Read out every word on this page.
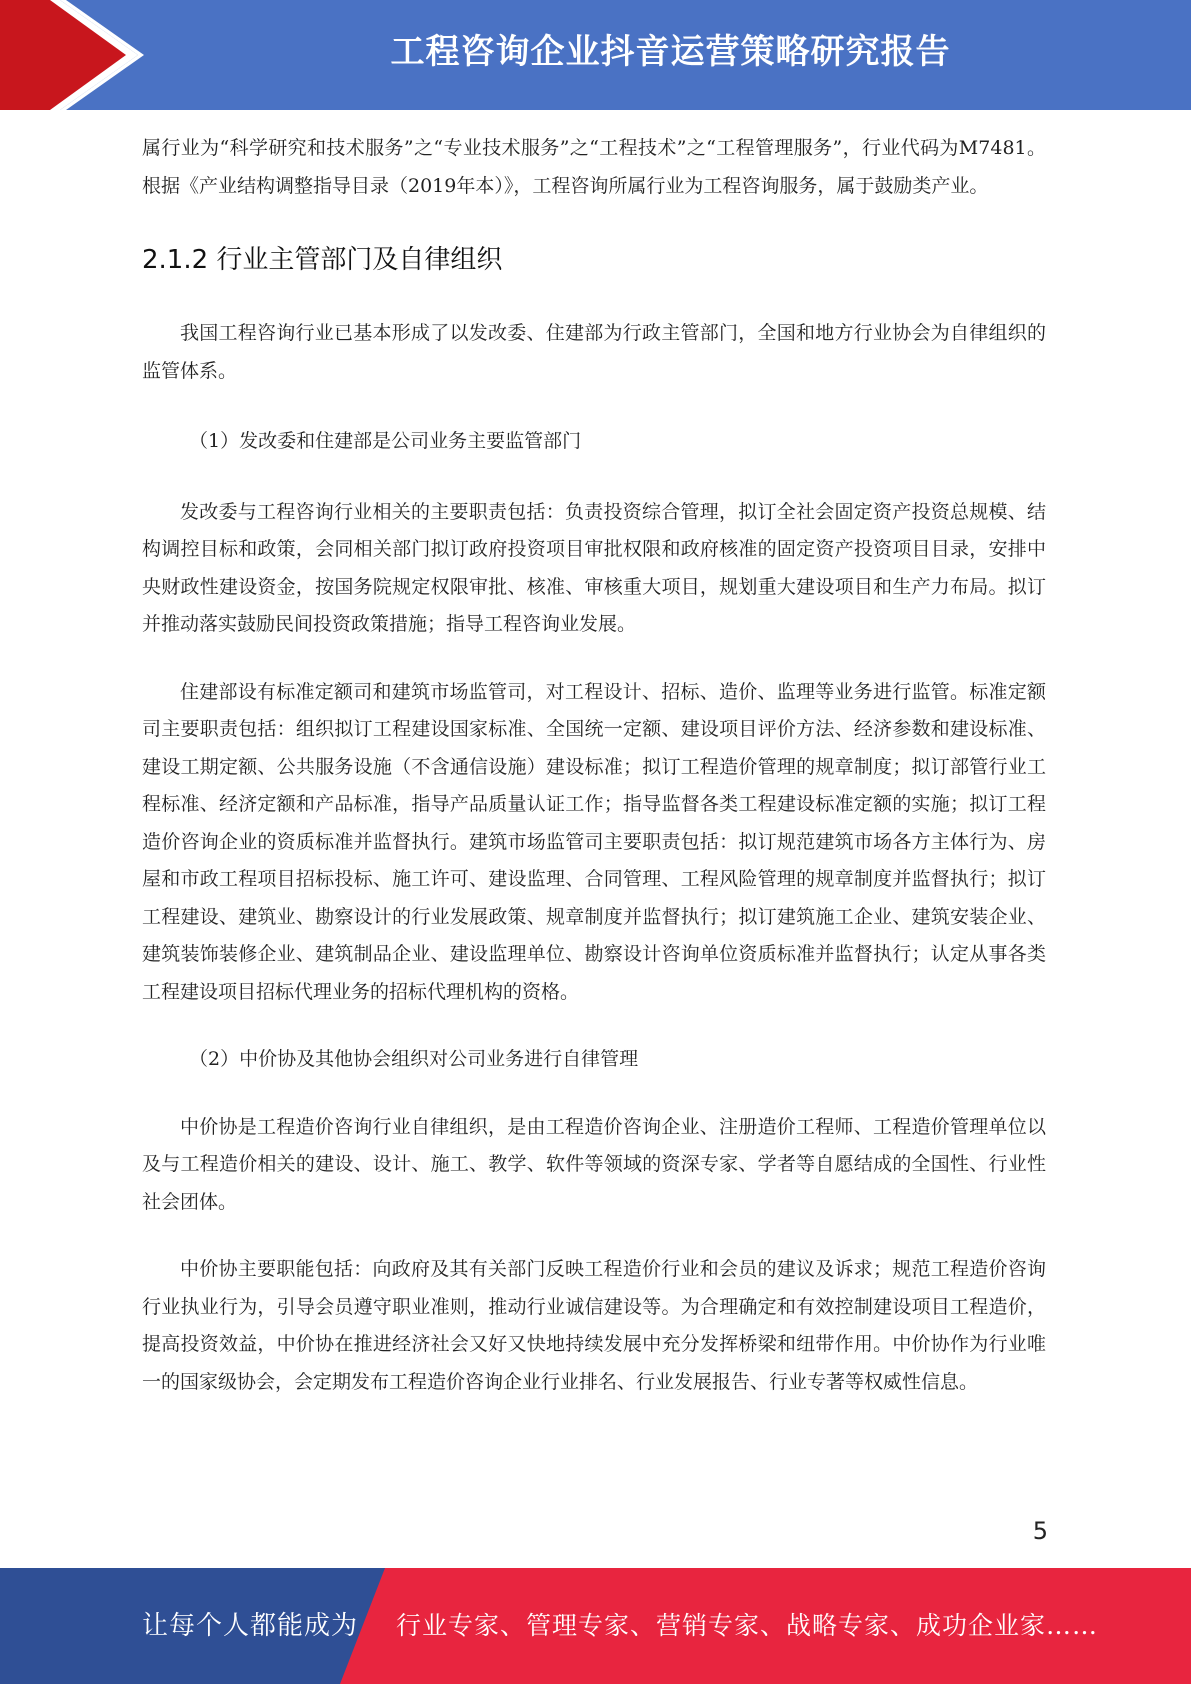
工程咨询企业抖音运营策略研究报告

属行业为“科学研究和技术服务”之“专业技术服务”之“工程技术”之“工程管理服务”，行业代码为M7481。根据《产业结构调整指导目录（2019年本）》，工程咨询所属行业为工程咨询服务，属于鼓励类产业。

2.1.2 行业主管部门及自律组织

我国工程咨询行业已基本形成了以发改委、住建部为行政主管部门，全国和地方行业协会为自律组织的监管体系。

（1）发改委和住建部是公司业务主要监管部门

发改委与工程咨询行业相关的主要职责包括：负责投资综合管理，拟订全社会固定资产投资总规模、结构调控目标和政策，会同相关部门拟订政府投资项目审批权限和政府核准的固定资产投资项目目录，安排中央财政性建设资金，按国务院规定权限审批、核准、审核重大项目，规划重大建设项目和生产力布局。拟订并推动落实鼓励民间投资政策措施；指导工程咨询业发展。

住建部设有标准定额司和建筑市场监管司，对工程设计、招标、造价、监理等业务进行监管。标准定额司主要职责包括：组织拟订工程建设国家标准、全国统一定额、建设项目评价方法、经济参数和建设标准、建设工期定额、公共服务设施（不含通信设施）建设标准；拟订工程造价管理的规章制度；拟订部管行业工程标准、经济定额和产品标准，指导产品质量认证工作；指导监督各类工程建设标准定额的实施；拟订工程造价咨询企业的资质标准并监督执行。建筑市场监管司主要职责包括：拟订规范建筑市场各方主体行为、房屋和市政工程项目招标投标、施工许可、建设监理、合同管理、工程风险管理的规章制度并监督执行；拟订工程建设、建筑业、勘察设计的行业发展政策、规章制度并监督执行；拟订建筑施工企业、建筑安装企业、建筑装饰装修企业、建筑制品企业、建设监理单位、勘察设计咨询单位资质标准并监督执行；认定从事各类工程建设项目招标代理业务的招标代理机构的资格。

（2）中价协及其他协会组织对公司业务进行自律管理

中价协是工程造价咨询行业自律组织，是由工程造价咨询企业、注册造价工程师、工程造价管理单位以及与工程造价相关的建设、设计、施工、教学、软件等领域的资深专家、学者等自愿结成的全国性、行业性社会团体。

中价协主要职能包括：向政府及其有关部门反映工程造价行业和会员的建议及诉求；规范工程造价咨询行业执业行为，引导会员遵守职业准则，推动行业诚信建设等。为合理确定和有效控制建设项目工程造价，提高投资效益，中价协在推进经济社会又好又快地持续发展中充分发挥桥梁和纽带作用。中价协作为行业唯一的国家级协会，会定期发布工程造价咨询企业行业排名、行业发展报告、行业专著等权威性信息。

5
让每个人都能成为 行业专家、管理专家、营销专家、战略专家、成功企业家……
